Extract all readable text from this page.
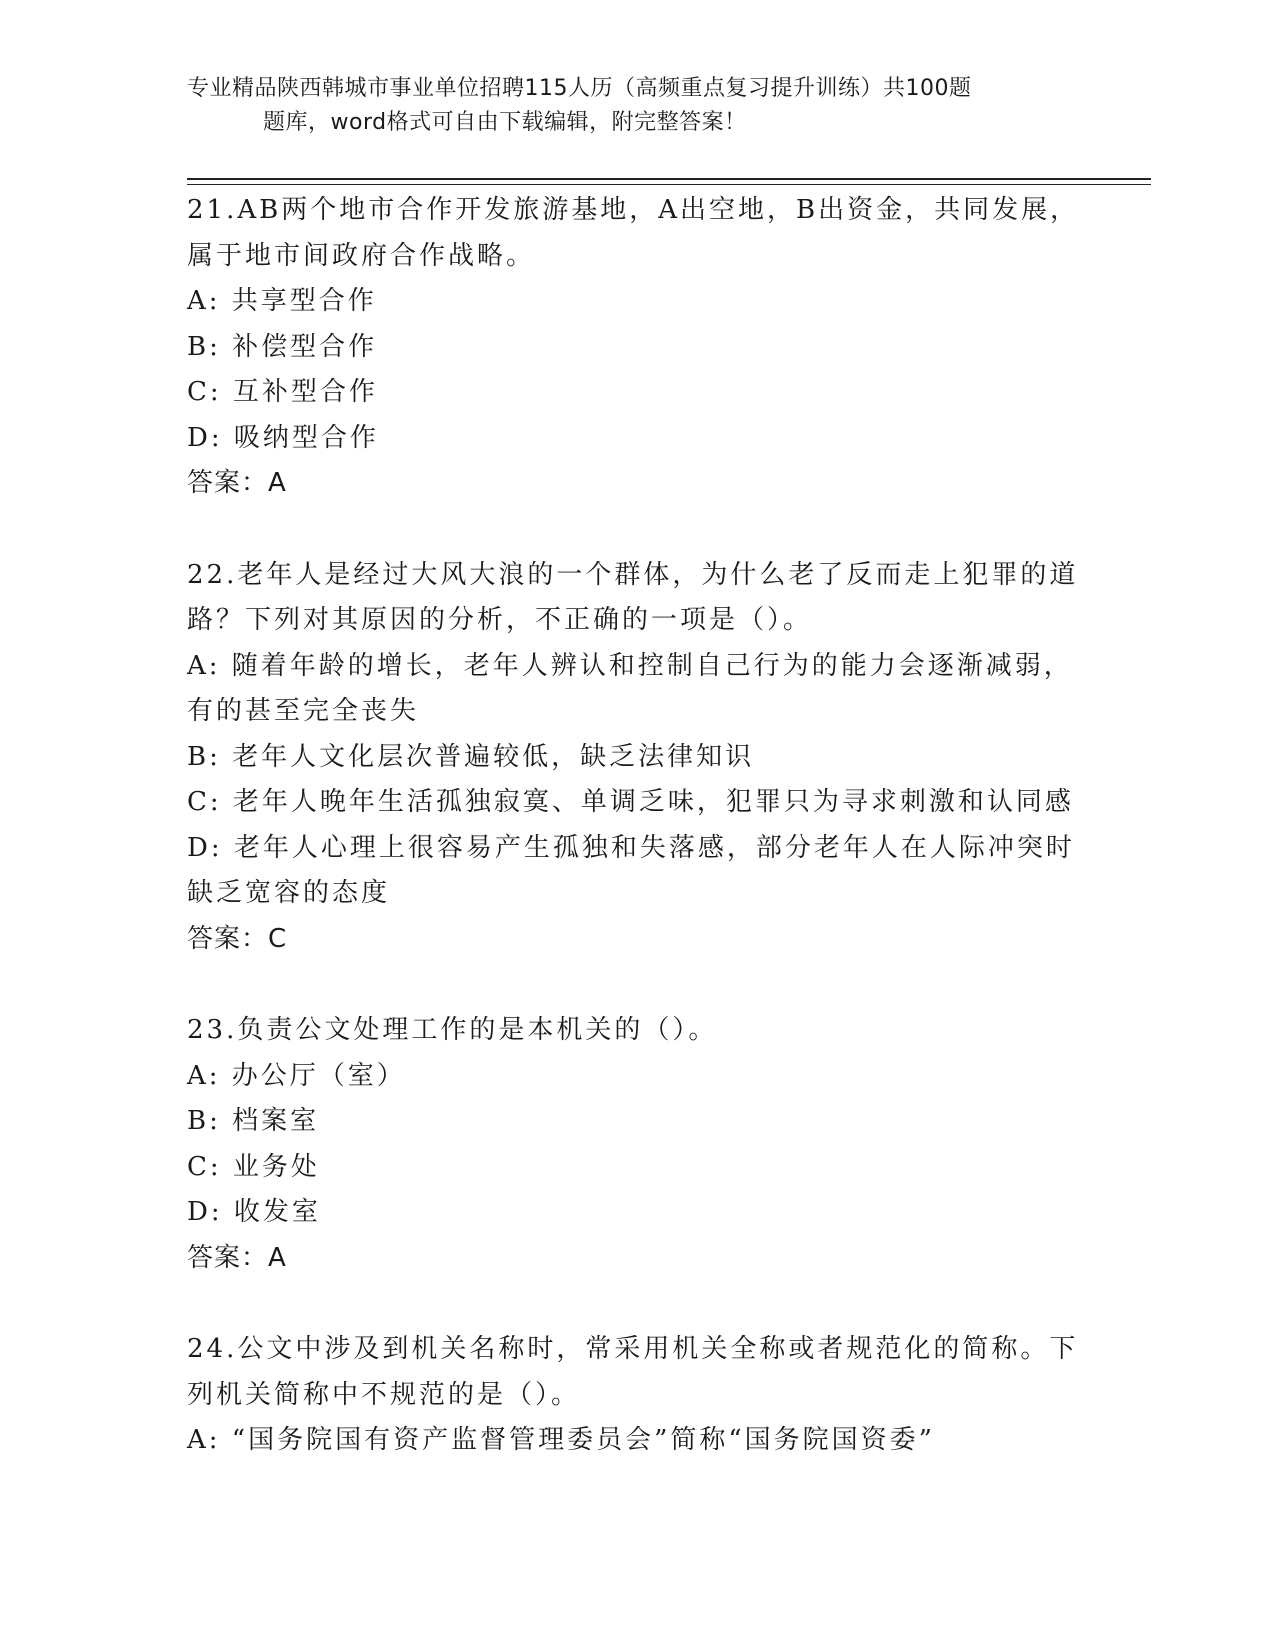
专业精品陕西韩城市事业单位招聘115人历（高频重点复习提升训练）共100题
题库，word格式可自由下载编辑，附完整答案！

21.AB两个地市合作开发旅游基地，A出空地，B出资金，共同发展，

属于地市间政府合作战略。

A: 共享型合作

B: 补偿型合作

C: 互补型合作

D: 吸纳型合作

答案：A

22.老年人是经过大风大浪的一个群体，为什么老了反而走上犯罪的道

路？下列对其原因的分析，不正确的一项是（）。

A: 随着年龄的增长，老年人辨认和控制自己行为的能力会逐渐减弱，

有的甚至完全丧失

B: 老年人文化层次普遍较低，缺乏法律知识

C: 老年人晚年生活孤独寂寞、单调乏味，犯罪只为寻求刺激和认同感

D: 老年人心理上很容易产生孤独和失落感，部分老年人在人际冲突时

缺乏宽容的态度

答案：C

23.负责公文处理工作的是本机关的（）。

A: 办公厅（室）

B: 档案室

C: 业务处

D: 收发室

答案：A

24.公文中涉及到机关名称时，常采用机关全称或者规范化的简称。下

列机关简称中不规范的是（）。

A: “国务院国有资产监督管理委员会”简称“国务院国资委”
